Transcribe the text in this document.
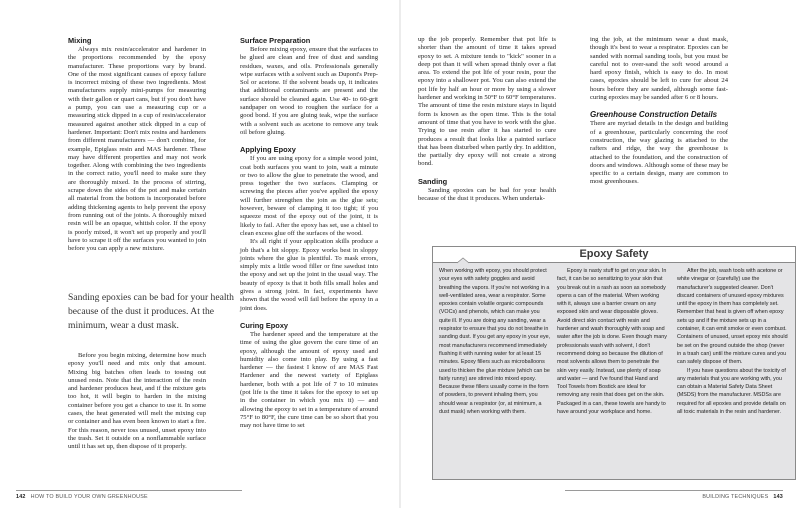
Mixing

Always mix resin/accelerator and hardener in the proportions recommended by the epoxy manufacturer. These proportions vary by brand. One of the most significant causes of epoxy failure is incorrect mixing of these two ingredients. Most manufacturers supply mini-pumps for measuring with their gallon or quart cans, but if you don't have a pump, you can use a measuring cup or a measuring stick dipped in a cup of resin/accelerator measured against another stick dipped in a cup of hardener. Important: Don't mix resins and hardeners from different manufacturers — don't combine, for example, Epiglass resin and MAS hardener. These may have different properties and may not work together. Along with combining the two ingredients in the correct ratio, you'll need to make sure they are thoroughly mixed. In the process of stirring, scrape down the sides of the pot and make certain all material from the bottom is incorporated before adding thickening agents to help prevent the epoxy from running out of the joints. A thoroughly mixed resin will be an opaque, whitish color. If the epoxy is poorly mixed, it won't set up properly and you'll have to scrape it off the surfaces you wanted to join before you can apply a new mixture.

Sanding epoxies can be bad for your health because of the dust it produces. At the minimum, wear a dust mask.

Before you begin mixing, determine how much epoxy you'll need and mix only that amount. Mixing big batches often leads to tossing out unused resin. Note that the interaction of the resin and hardener produces heat, and if the mixture gets too hot, it will begin to harden in the mixing container before you get a chance to use it. In some cases, the heat generated will melt the mixing cup or container and has even been known to start a fire. For this reason, never toss unused, unset epoxy into the trash. Set it outside on a nonflammable surface until it has set up, then dispose of it properly.

Surface Preparation

Before mixing epoxy, ensure that the surfaces to be glued are clean and free of dust and sanding residues, waxes, and oils. Professionals generally wipe surfaces with a solvent such as Dupont's Prep-Sol or acetone. If the solvent beads up, it indicates that additional contaminants are present and the surface should be cleaned again. Use 40- to 60-grit sandpaper on wood to roughen the surface for a good bond. If you are gluing teak, wipe the surface with a solvent such as acetone to remove any teak oil before gluing.

Applying Epoxy

If you are using epoxy for a simple wood joint, coat both surfaces you want to join, wait a minute or two to allow the glue to penetrate the wood, and press together the two surfaces. Clamping or screwing the pieces after you've applied the epoxy will further strengthen the join as the glue sets; however, beware of clamping it too tight; if you squeeze most of the epoxy out of the joint, it is likely to fail. After the epoxy has set, use a chisel to clean excess glue off the surfaces of the wood.

It's all right if your application skills produce a job that's a bit sloppy. Epoxy works best in sloppy joints where the glue is plentiful. To mask errors, simply mix a little wood filler or fine sawdust into the epoxy and set up the joint in the usual way. The beauty of epoxy is that it both fills small holes and gives a strong joint. In fact, experiments have shown that the wood will fail before the epoxy in a joint does.

Curing Epoxy

The hardener speed and the temperature at the time of using the glue govern the cure time of an epoxy, although the amount of epoxy used and humidity also come into play. By using a fast hardener — the fastest I know of are MAS Fast Hardener and the newest variety of Epiglass hardener, both with a pot life of 7 to 10 minutes (pot life is the time it takes for the epoxy to set up in the container in which you mix it) — and allowing the epoxy to set in a temperature of around 75°F to 80°F, the cure time can be so short that you may not have time to set

142 HOW TO BUILD YOUR OWN GREENHOUSE

up the job properly. Remember that pot life is shorter than the amount of time it takes spread epoxy to set. A mixture tends to "kick" sooner in a deep pot than it will when spread thinly over a flat area. To extend the pot life of your resin, pour the epoxy into a shallower pot. You can also extend the pot life by half an hour or more by using a slower hardener and working in 50°F to 60°F temperatures. The amount of time the resin mixture stays in liquid form is known as the open time. This is the total amount of time that you have to work with the glue. Trying to use resin after it has started to cure produces a result that looks like a painted surface that has been disturbed when partly dry. In addition, the partially dry epoxy will not create a strong bond.

Sanding

Sanding epoxies can be bad for your health because of the dust it produces. When undertak-

ing the job, at the minimum wear a dust mask, though it's best to wear a respirator. Epoxies can be sanded with normal sanding tools, but you must be careful not to over-sand the soft wood around a hard epoxy finish, which is easy to do. In most cases, epoxies should be left to cure for about 24 hours before they are sanded, although some fast-curing epoxies may be sanded after 6 or 8 hours.

Greenhouse Construction Details

There are myriad details in the design and building of a greenhouse, particularly concerning the roof construction, the way glazing is attached to the rafters and ridge, the way the greenhouse is attached to the foundation, and the construction of doors and windows. Although some of these may be specific to a certain design, many are common to most greenhouses.

Epoxy Safety

When working with epoxy, you should protect your eyes with safety goggles and avoid breathing the vapors. If you're not working in a well-ventilated area, wear a respirator. Some epoxies contain volatile organic compounds (VOCs) and phenols, which can make you quite ill. If you are doing any sanding, wear a respirator to ensure that you do not breathe in sanding dust. If you get any epoxy in your eye, most manufacturers recommend immediately flushing it with running water for at least 15 minutes. Epoxy fillers such as microballoons used to thicken the glue mixture (which can be fairly runny) are stirred into mixed epoxy. Because these fillers usually come in the form of powders, to prevent inhaling them, you should wear a respirator (or, at minimum, a dust mask) when working with them.

Epoxy is nasty stuff to get on your skin. In fact, it can be so sensitizing to your skin that you break out in a rash as soon as somebody opens a can of the material. When working with it, always use a barrier cream on any exposed skin and wear disposable gloves. Avoid direct skin contact with resin and hardener and wash thoroughly with soap and water after the job is done. Even though many professionals wash with solvent, I don't recommend doing so because the dilution of most solvents allows them to penetrate the skin very easily. Instead, use plenty of soap and water — and I've found that Hand and Tool Towels from Bostick are ideal for removing any resin that does get on the skin. Packaged in a can, these towels are handy to have around your workplace and home.

After the job, wash tools with acetone or white vinegar or (carefully) use the manufacturer's suggested cleaner. Don't discard containers of unused epoxy mixtures until the epoxy in them has completely set. Remember that heat is given off when epoxy sets up and if the mixture sets up in a container, it can emit smoke or even combust. Containers of unused, unset epoxy mix should be set on the ground outside the shop (never in a trash can) until the mixture cures and you can safely dispose of them.

If you have questions about the toxicity of any materials that you are working with, you can obtain a Material Safety Data Sheet (MSDS) from the manufacturer. MSDSs are required for all epoxies and provide details on all toxic materials in the resin and hardener.

BUILDING TECHNIQUES 143
